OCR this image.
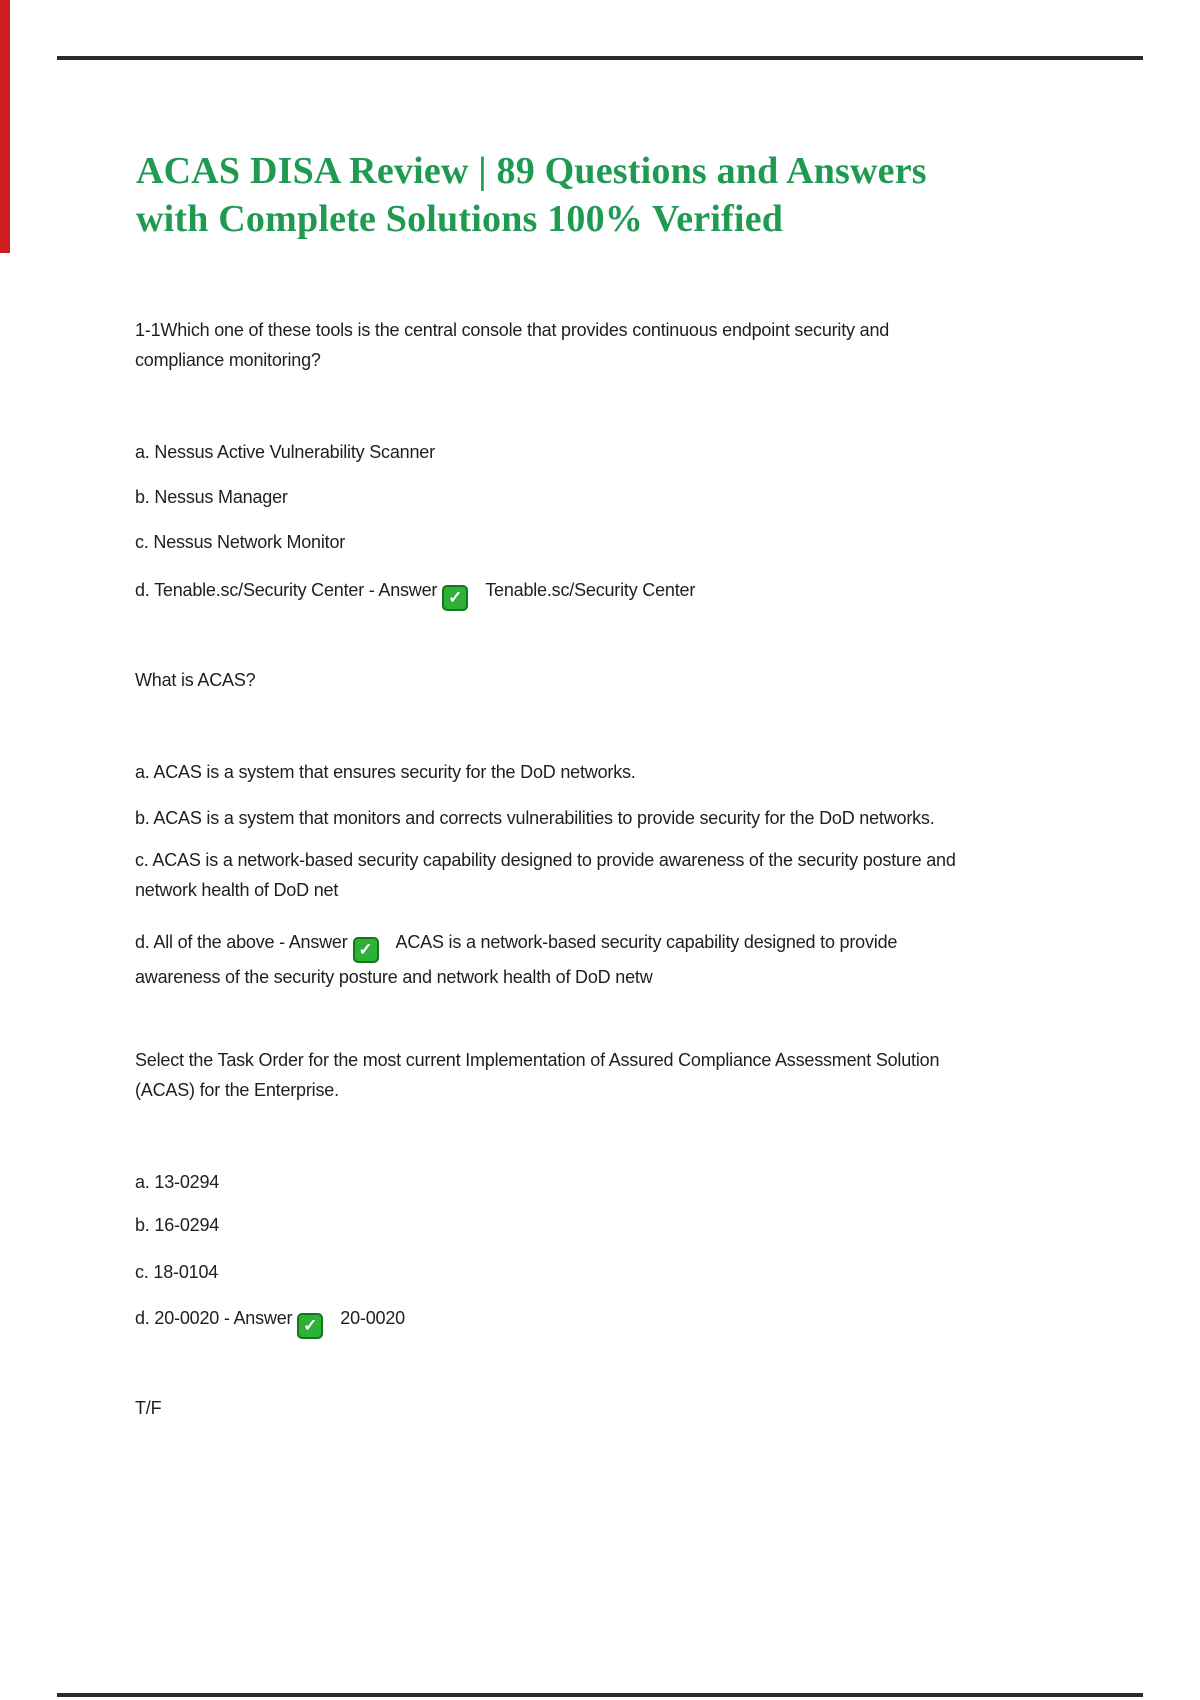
ACAS DISA Review | 89 Questions and Answers
with Complete Solutions 100% Verified
1-1Which one of these tools is the central console that provides continuous endpoint security and
compliance monitoring?
a. Nessus Active Vulnerability Scanner
b. Nessus Manager
c. Nessus Network Monitor
d. Tenable.sc/Security Center - Answer ✓ Tenable.sc/Security Center
What is ACAS?
a. ACAS is a system that ensures security for the DoD networks.
b. ACAS is a system that monitors and corrects vulnerabilities to provide security for the DoD networks.
c. ACAS is a network-based security capability designed to provide awareness of the security posture and
network health of DoD net
d. All of the above - Answer ✓ ACAS is a network-based security capability designed to provide
awareness of the security posture and network health of DoD netw
Select the Task Order for the most current Implementation of Assured Compliance Assessment Solution
(ACAS) for the Enterprise.
a. 13-0294
b. 16-0294
c. 18-0104
d. 20-0020 - Answer ✓ 20-0020
T/F
